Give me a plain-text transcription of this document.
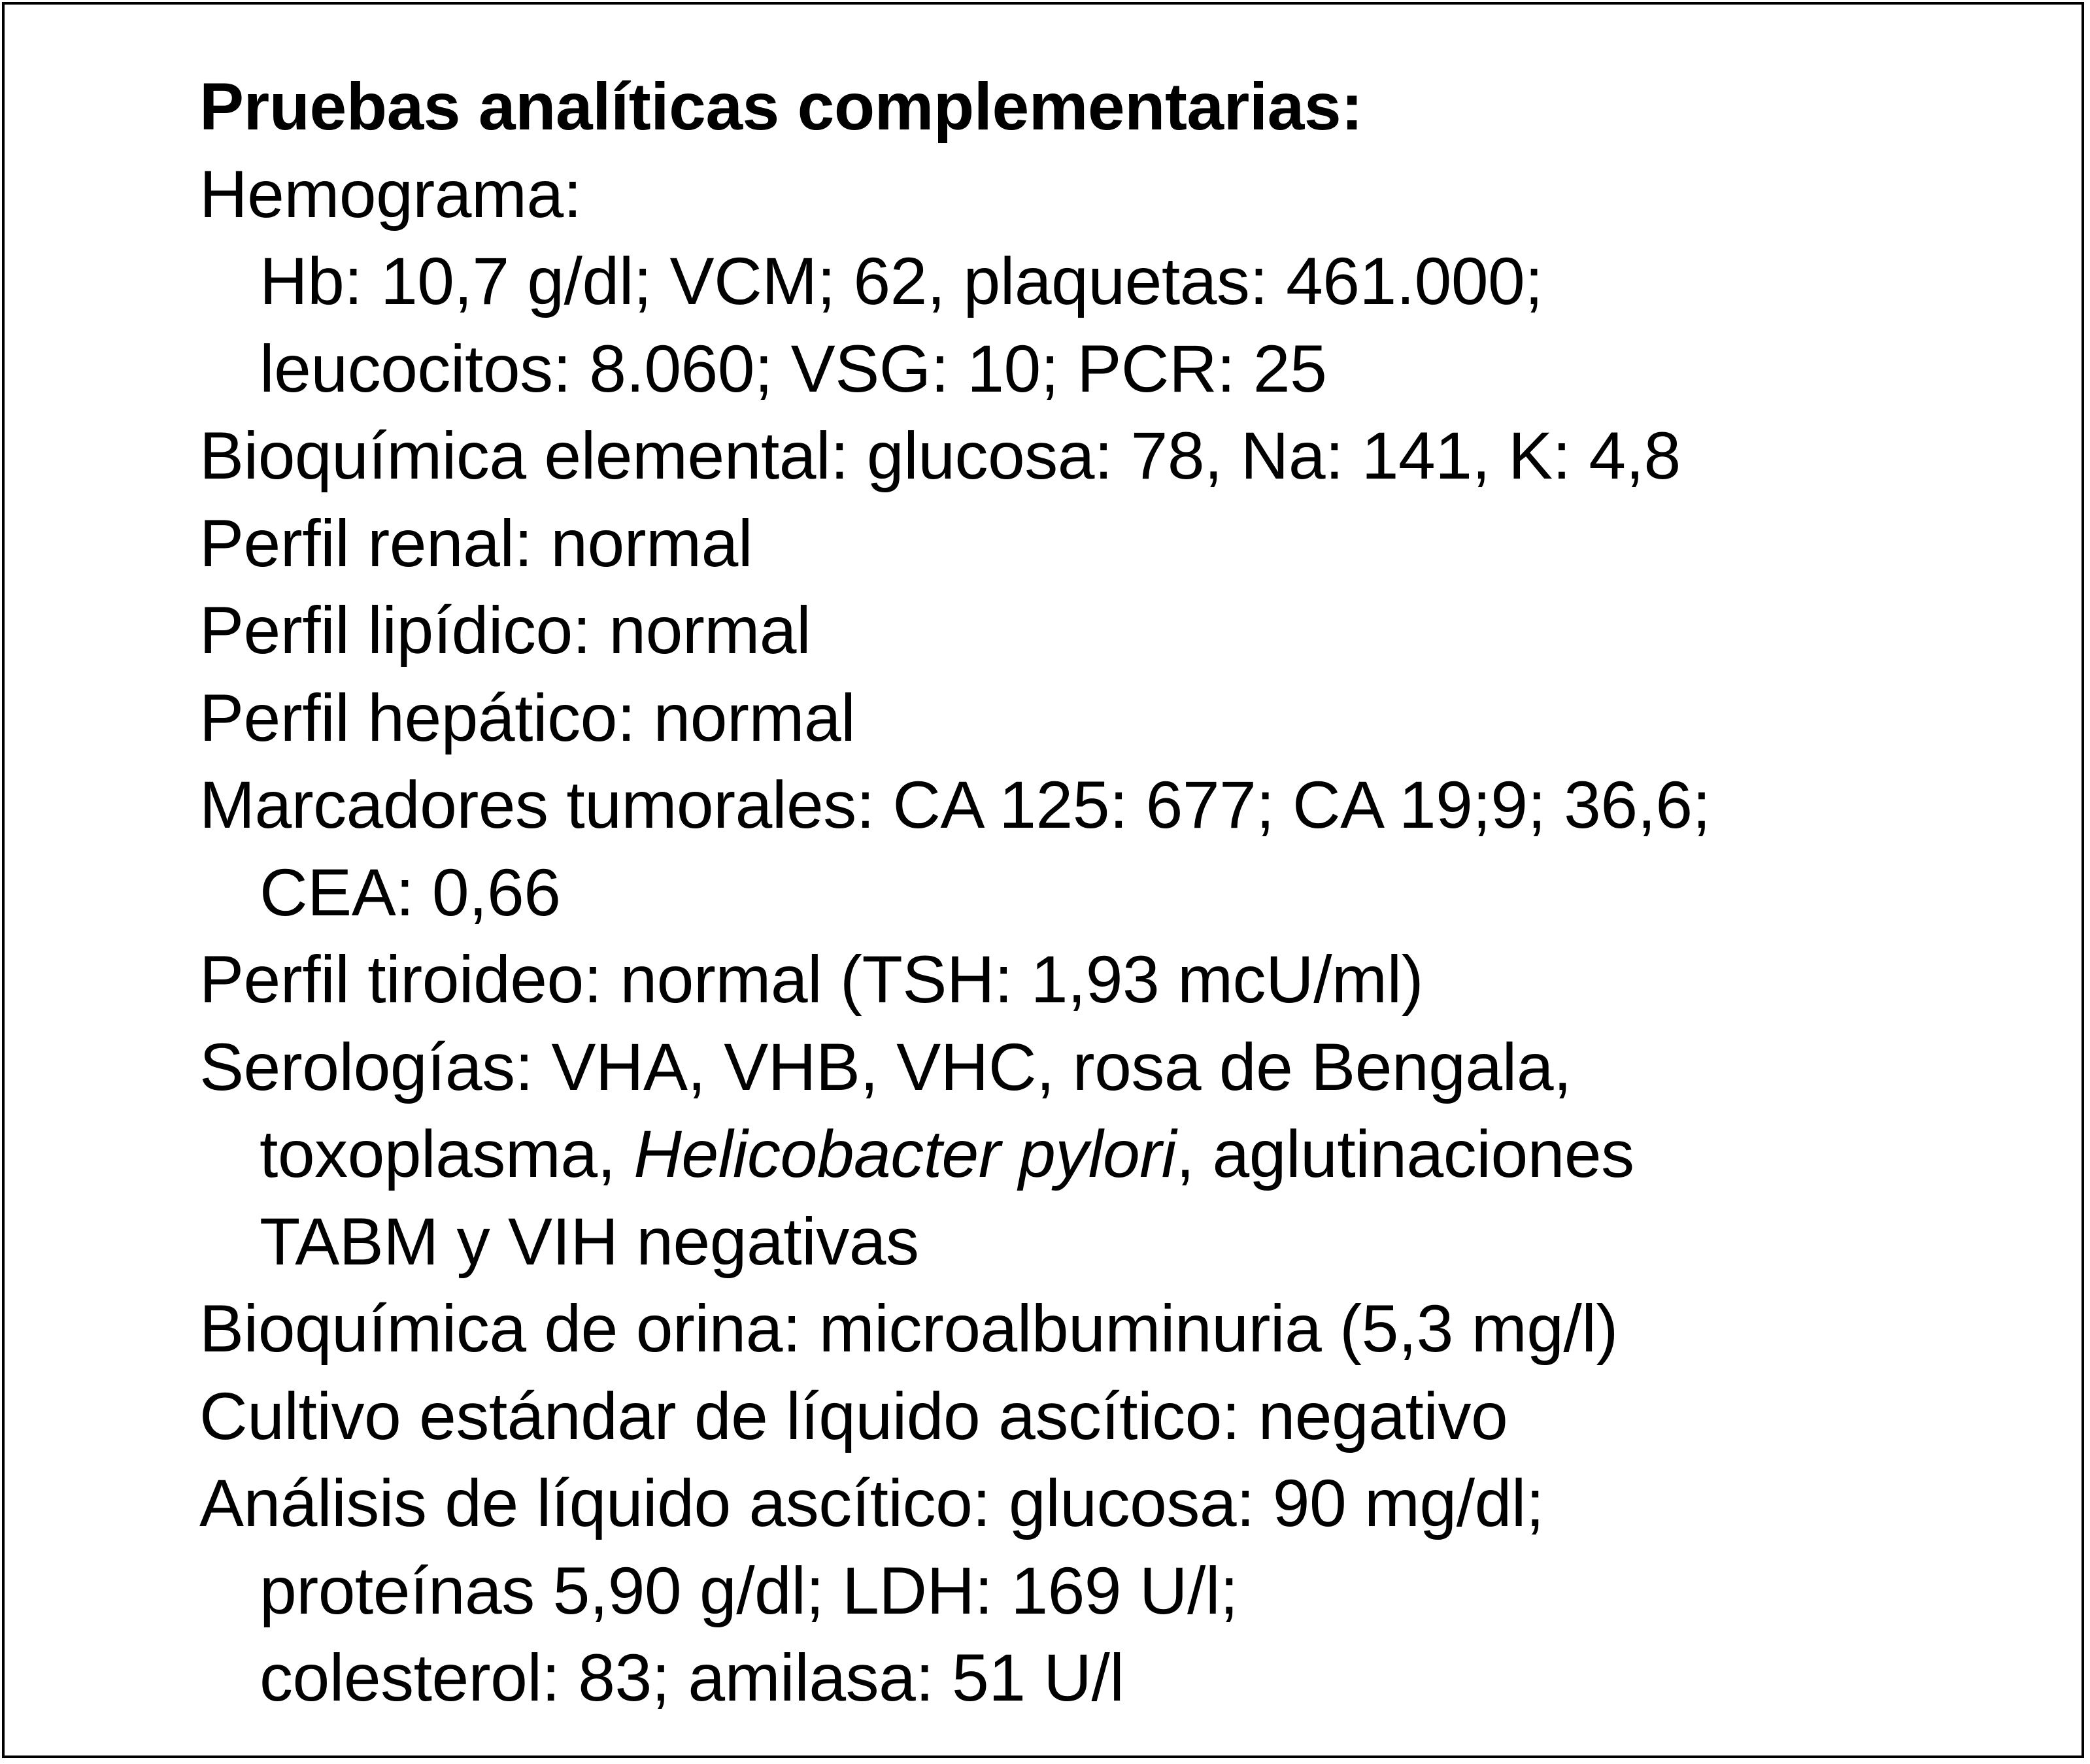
Pruebas analíticas complementarias:
Hemograma:
Hb: 10,7 g/dl; VCM; 62, plaquetas: 461.000;
leucocitos: 8.060; VSG: 10; PCR: 25
Bioquímica elemental: glucosa: 78, Na: 141, K: 4,8
Perfil renal: normal
Perfil lipídico: normal
Perfil hepático: normal
Marcadores tumorales: CA 125: 677; CA 19;9; 36,6;
CEA: 0,66
Perfil tiroideo: normal (TSH: 1,93 mcU/ml)
Serologías: VHA, VHB, VHC, rosa de Bengala,
toxoplasma, Helicobacter pylori, aglutinaciones
TABM y VIH negativas
Bioquímica de orina: microalbuminuria (5,3 mg/l)
Cultivo estándar de líquido ascítico: negativo
Análisis de líquido ascítico: glucosa: 90 mg/dl;
proteínas 5,90 g/dl; LDH: 169 U/l;
colesterol: 83; amilasa: 51 U/l
